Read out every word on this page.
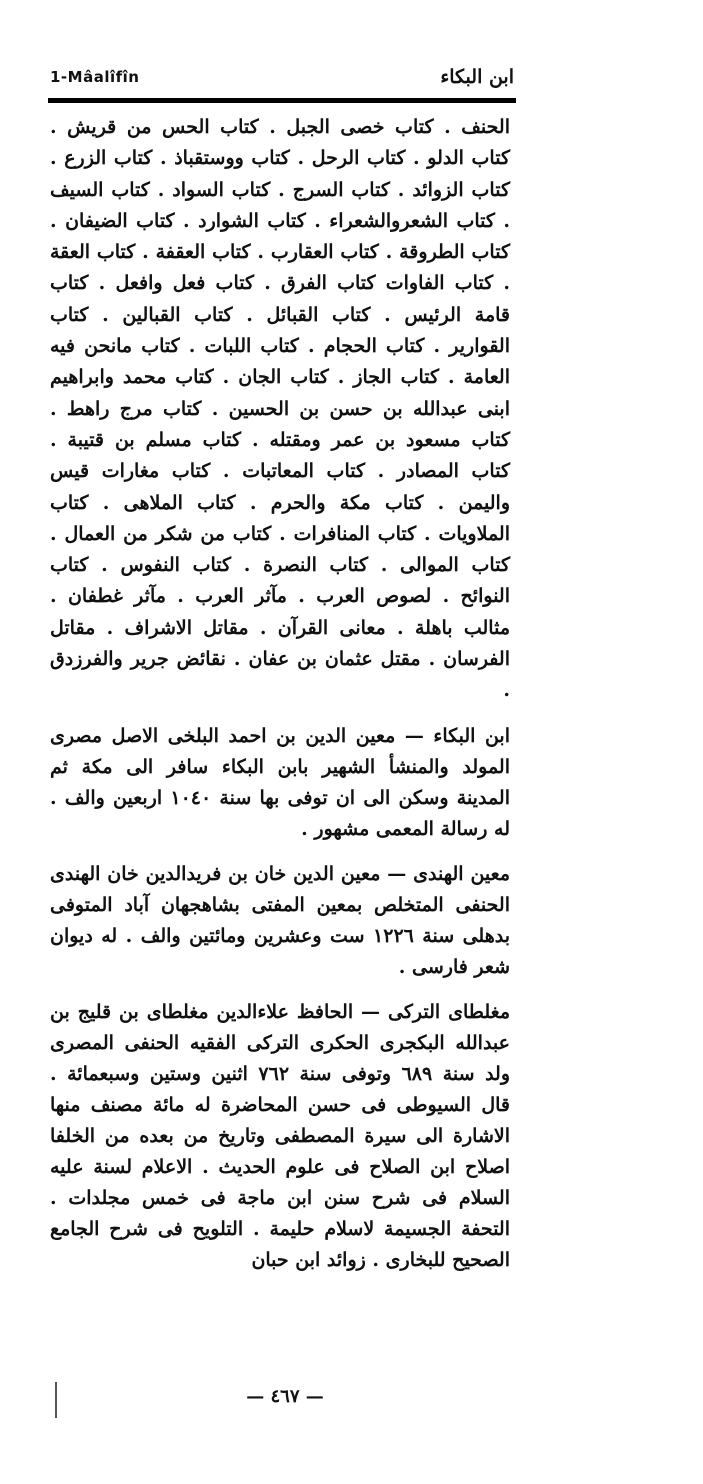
1-Mâalîfîn	ابن البكاء

الحنف . كتاب خصى الجبل . كتاب الحس من قريش . كتاب الدلو . كتاب الرحل . كتاب ووستقباذ . كتاب الزرع . كتاب الزوائد . كتاب السرج . كتاب السواد . كتاب السيف . كتاب الشعروالشعراء . كتاب الشوارد . كتاب الضيفان . كتاب الطروقة . كتاب العقارب . كتاب العقفة . كتاب العقة . كتاب الفاوات كتاب الفرق . كتاب فعل وافعل . كتاب قامة الرئيس . كتاب القبائل . كتاب القبالين . كتاب القوارير . كتاب الحجام . كتاب اللبات . كتاب مانحن فيه العامة . كتاب الجاز . كتاب الجان . كتاب محمد وابراهيم ابنى عبدالله بن حسن بن الحسين . كتاب مرج راهط . كتاب مسعود بن عمر ومقتله . كتاب مسلم بن قتيبة . كتاب المصادر . كتاب المعاتبات . كتاب مغارات قيس واليمن . كتاب مكة والحرم . كتاب الملاهى . كتاب الملاويات . كتاب المنافرات . كتاب من شكر من العمال . كتاب الموالى . كتاب النصرة . كتاب النفوس . كتاب النوائح . لصوص العرب . مآثر العرب . مآثر غطفان . مثالب باهلة . معانى القرآن . مقاتل الاشراف . مقاتل الفرسان . مقتل عثمان بن عفان . نقائض جرير والفرزدق .

ابن البكاء — معين الدين بن احمد البلخى الاصل مصرى المولد والمنشأ الشهير بابن البكاء سافر الى مكة ثم المدينة وسكن الى ان توفى بها سنة ١٠٤٠ اربعين والف . له رسالة المعمى مشهور .

معين الهندى — معين الدين خان بن فريدالدين خان الهندى الحنفى المتخلص بمعين المفتى بشاهجهان آباد المتوفى بدهلى سنة ١٢٢٦ ست وعشرين ومائتين والف . له ديوان شعر فارسى .

مغلطاى التركى — الحافظ علاءالدين مغلطاى بن قليج بن عبدالله البكجرى الحكرى التركى الفقيه الحنفى المصرى ولد سنة ٦٨٩ وتوفى سنة ٧٦٢ اثنين وستين وسبعمائة . قال السيوطى فى حسن المحاضرة له مائة مصنف منها الاشارة الى سيرة المصطفى وتاريخ من بعده من الخلفا اصلاح ابن الصلاح فى علوم الحديث . الاعلام لسنة عليه السلام فى شرح سنن ابن ماجة فى خمس مجلدات . التحفة الجسيمة لاسلام حليمة . التلويح فى شرح الجامع الصحيح للبخارى . زوائد ابن حبان

— ٤٦٧ —
